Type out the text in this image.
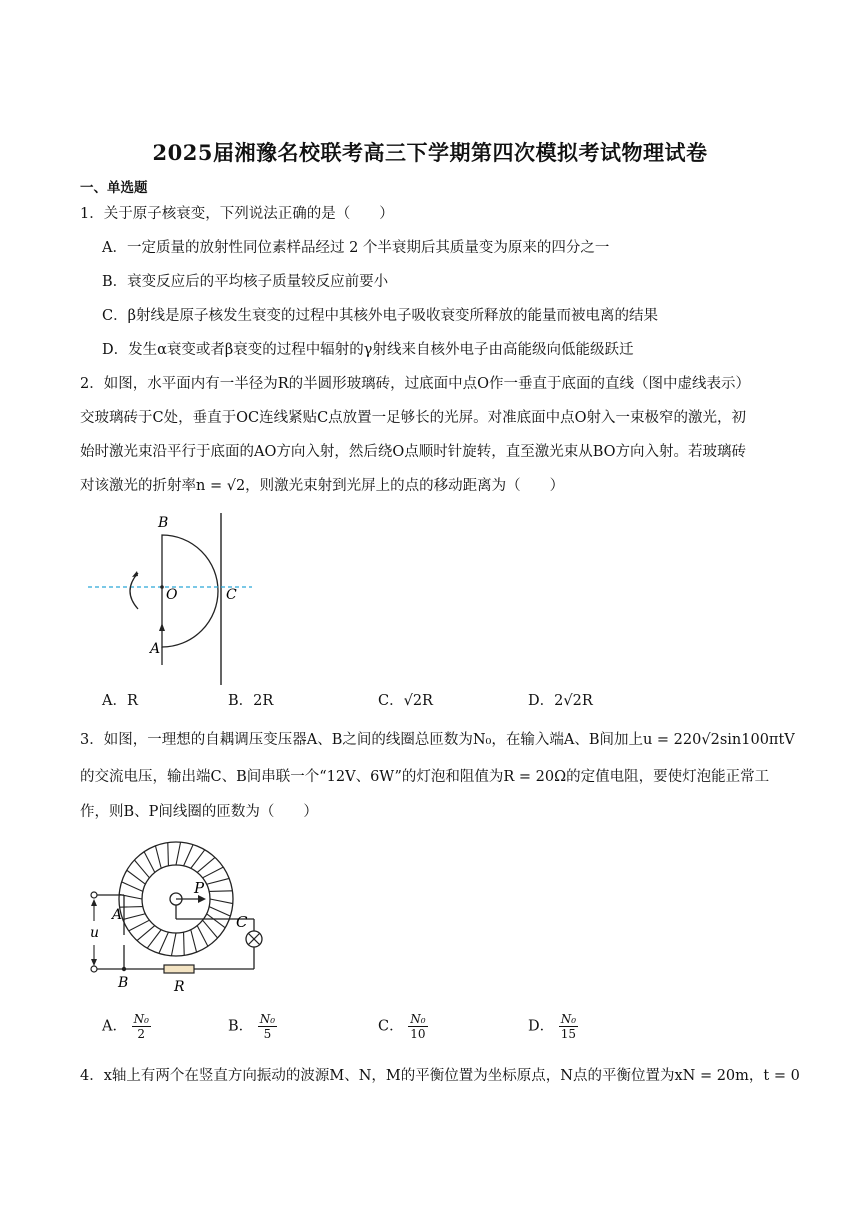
2025届湘豫名校联考高三下学期第四次模拟考试物理试卷
一、单选题
1．关于原子核衰变，下列说法正确的是（　　）
A．一定质量的放射性同位素样品经过 2 个半衰期后其质量变为原来的四分之一
B．衰变反应后的平均核子质量较反应前要小
C．β射线是原子核发生衰变的过程中其核外电子吸收衰变所释放的能量而被电离的结果
D．发生α衰变或者β衰变的过程中辐射的γ射线来自核外电子由高能级向低能级跃迁
2．如图，水平面内有一半径为R的半圆形玻璃砖，过底面中点O作一垂直于底面的直线（图中虚线表示）
交玻璃砖于C处，垂直于OC连线紧贴C点放置一足够长的光屏。对准底面中点O射入一束极窄的激光，初
始时激光束沿平行于底面的AO方向入射，然后绕O点顺时针旋转，直至激光束从BO方向入射。若玻璃砖
对该激光的折射率n = √2，则激光束射到光屏上的点的移动距离为（　　）
B
O	C
A
A．R	B．2R	C．√2R	D．2√2R
3．如图，一理想的自耦调压变压器A、B之间的线圈总匝数为N₀，在输入端A、B间加上u = 220√2sin100πtV
的交流电压，输出端C、B间串联一个“12V、6W”的灯泡和阻值为R = 20Ω的定值电阻，要使灯泡能正常工
作，则B、P间线圈的匝数为（　　）
P
A	C
u
B	R
A． $\frac{\text{N₀}}{2}$	B． $\frac{\text{N₀}}{5}$	C． $\frac{\text{N₀}}{10}$	D． $\frac{\text{N₀}}{15}$
4．x轴上有两个在竖直方向振动的波源M、N，M的平衡位置为坐标原点，N点的平衡位置为xN = 20m，t = 0
